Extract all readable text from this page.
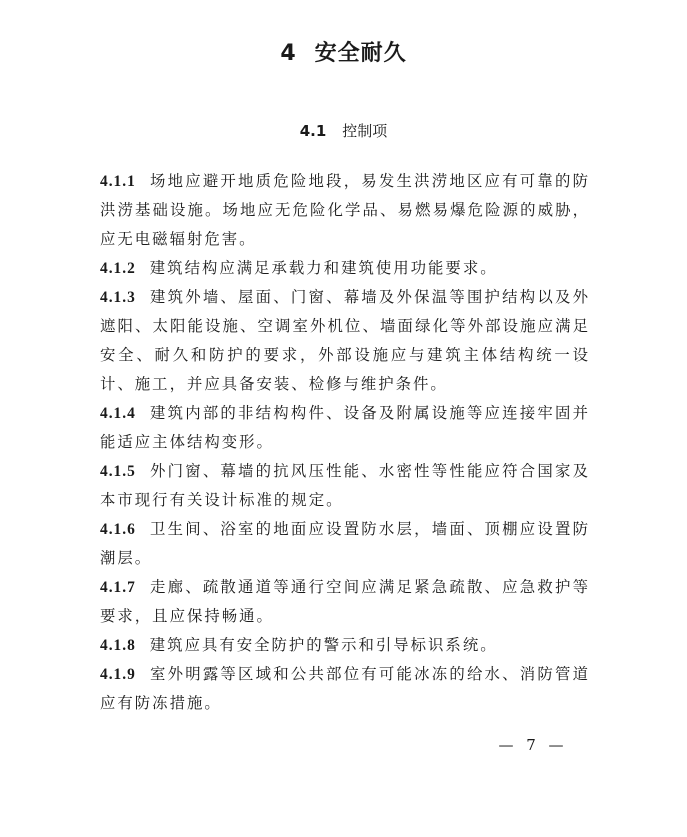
4 安全耐久
4.1 控制项
4.1.1 场地应避开地质危险地段，易发生洪涝地区应有可靠的防洪涝基础设施。场地应无危险化学品、易燃易爆危险源的威胁，应无电磁辐射危害。
4.1.2 建筑结构应满足承载力和建筑使用功能要求。
4.1.3 建筑外墙、屋面、门窗、幕墙及外保温等围护结构以及外遮阳、太阳能设施、空调室外机位、墙面绿化等外部设施应满足安全、耐久和防护的要求，外部设施应与建筑主体结构统一设计、施工，并应具备安装、检修与维护条件。
4.1.4 建筑内部的非结构构件、设备及附属设施等应连接牢固并能适应主体结构变形。
4.1.5 外门窗、幕墙的抗风压性能、水密性等性能应符合国家及本市现行有关设计标准的规定。
4.1.6 卫生间、浴室的地面应设置防水层，墙面、顶棚应设置防潮层。
4.1.7 走廊、疏散通道等通行空间应满足紧急疏散、应急救护等要求，且应保持畅通。
4.1.8 建筑应具有安全防护的警示和引导标识系统。
4.1.9 室外明露等区域和公共部位有可能冰冻的给水、消防管道应有防冻措施。
— 7 —
